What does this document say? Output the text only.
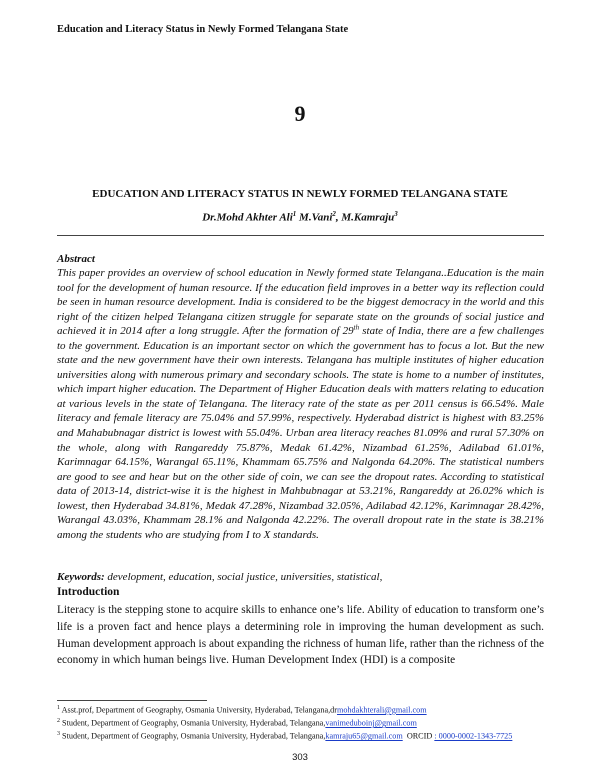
Education and Literacy Status in Newly Formed Telangana State
9
EDUCATION AND LITERACY STATUS IN NEWLY FORMED TELANGANA STATE
Dr.Mohd Akhter Ali$^1$ M.Vani$^2$, M.Kamraju$^3$
Abstract

This paper provides an overview of school education in Newly formed state Telangana..Education is the main tool for the development of human resource. If the education field improves in a better way its reflection could be seen in human resource development. India is considered to be the biggest democracy in the world and this right of the citizen helped Telangana citizen struggle for separate state on the grounds of social justice and achieved it in 2014 after a long struggle. After the formation of 29th state of India, there are a few challenges to the government. Education is an important sector on which the government has to focus a lot. But the new state and the new government have their own interests. Telangana has multiple institutes of higher education universities along with numerous primary and secondary schools. The state is home to a number of institutes, which impart higher education. The Department of Higher Education deals with matters relating to education at various levels in the state of Telangana. The literacy rate of the state as per 2011 census is 66.54%. Male literacy and female literacy are 75.04% and 57.99%, respectively. Hyderabad district is highest with 83.25% and Mahabubnagar district is lowest with 55.04%. Urban area literacy reaches 81.09% and rural 57.30% on the whole, along with Rangareddy 75.87%, Medak 61.42%, Nizambad 61.25%, Adilabad 61.01%, Karimnagar 64.15%, Warangal 65.11%, Khammam 65.75% and Nalgonda 64.20%. The statistical numbers are good to see and hear but on the other side of coin, we can see the dropout rates. According to statistical data of 2013-14, district-wise it is the highest in Mahbubnagar at 53.21%, Rangareddy at 26.02% which is lowest, then Hyderabad 34.81%, Medak 47.28%, Nizambad 32.05%, Adilabad 42.12%, Karimnagar 28.42%, Warangal 43.03%, Khammam 28.1% and Nalgonda 42.22%. The overall dropout rate in the state is 38.21% among the students who are studying from I to X standards.

Keywords: development, education, social justice, universities, statistical,
Introduction

Literacy is the stepping stone to acquire skills to enhance one’s life. Ability of education to transform one’s life is a proven fact and hence plays a determining role in improving the human development as such. Human development approach is about expanding the richness of human life, rather than the richness of the economy in which human beings live. Human Development Index (HDI) is a composite

$^1$ Asst.prof, Department of Geography, Osmania University, Hyderabad, Telangana,drmohdakhterali@gmail.com
$^2$ Student, Department of Geography, Osmania University, Hyderabad, Telangana,vanimeduboinj@gmail.com
$^3$ Student, Department of Geography, Osmania University, Hyderabad, Telangana,kamraju65@gmail.com  ORCID : 0000-0002-1343-7725
303
